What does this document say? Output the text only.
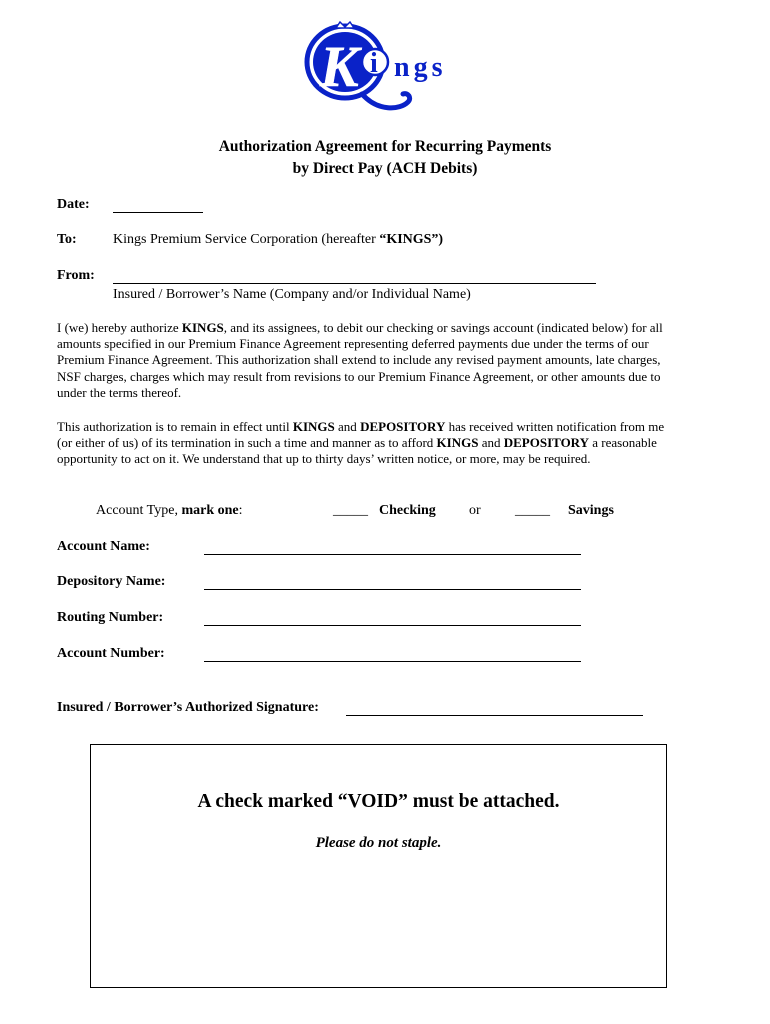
K i ngs
Authorization Agreement for Recurring Payments
by Direct Pay (ACH Debits)
Date:
To:	Kings Premium Service Corporation (hereafter “KINGS”)
From:
Insured / Borrower’s Name (Company and/or Individual Name)
I (we) hereby authorize KINGS, and its assignees, to debit our checking or savings account (indicated below) for all amounts specified in our Premium Finance Agreement representing deferred payments due under the terms of our Premium Finance Agreement. This authorization shall extend to include any revised payment amounts, late charges, NSF charges, charges which may result from revisions to our Premium Finance Agreement, or other amounts due to under the terms thereof.
This authorization is to remain in effect until KINGS and DEPOSITORY has received written notification from me (or either of us) of its termination in such a time and manner as to afford KINGS and DEPOSITORY a reasonable opportunity to act on it. We understand that up to thirty days’ written notice, or more, may be required.
Account Type, mark one:	_____ Checking or _____ Savings
Account Name:
Depository Name:
Routing Number:
Account Number:
Insured / Borrower’s Authorized Signature:
A check marked “VOID” must be attached.
Please do not staple.
